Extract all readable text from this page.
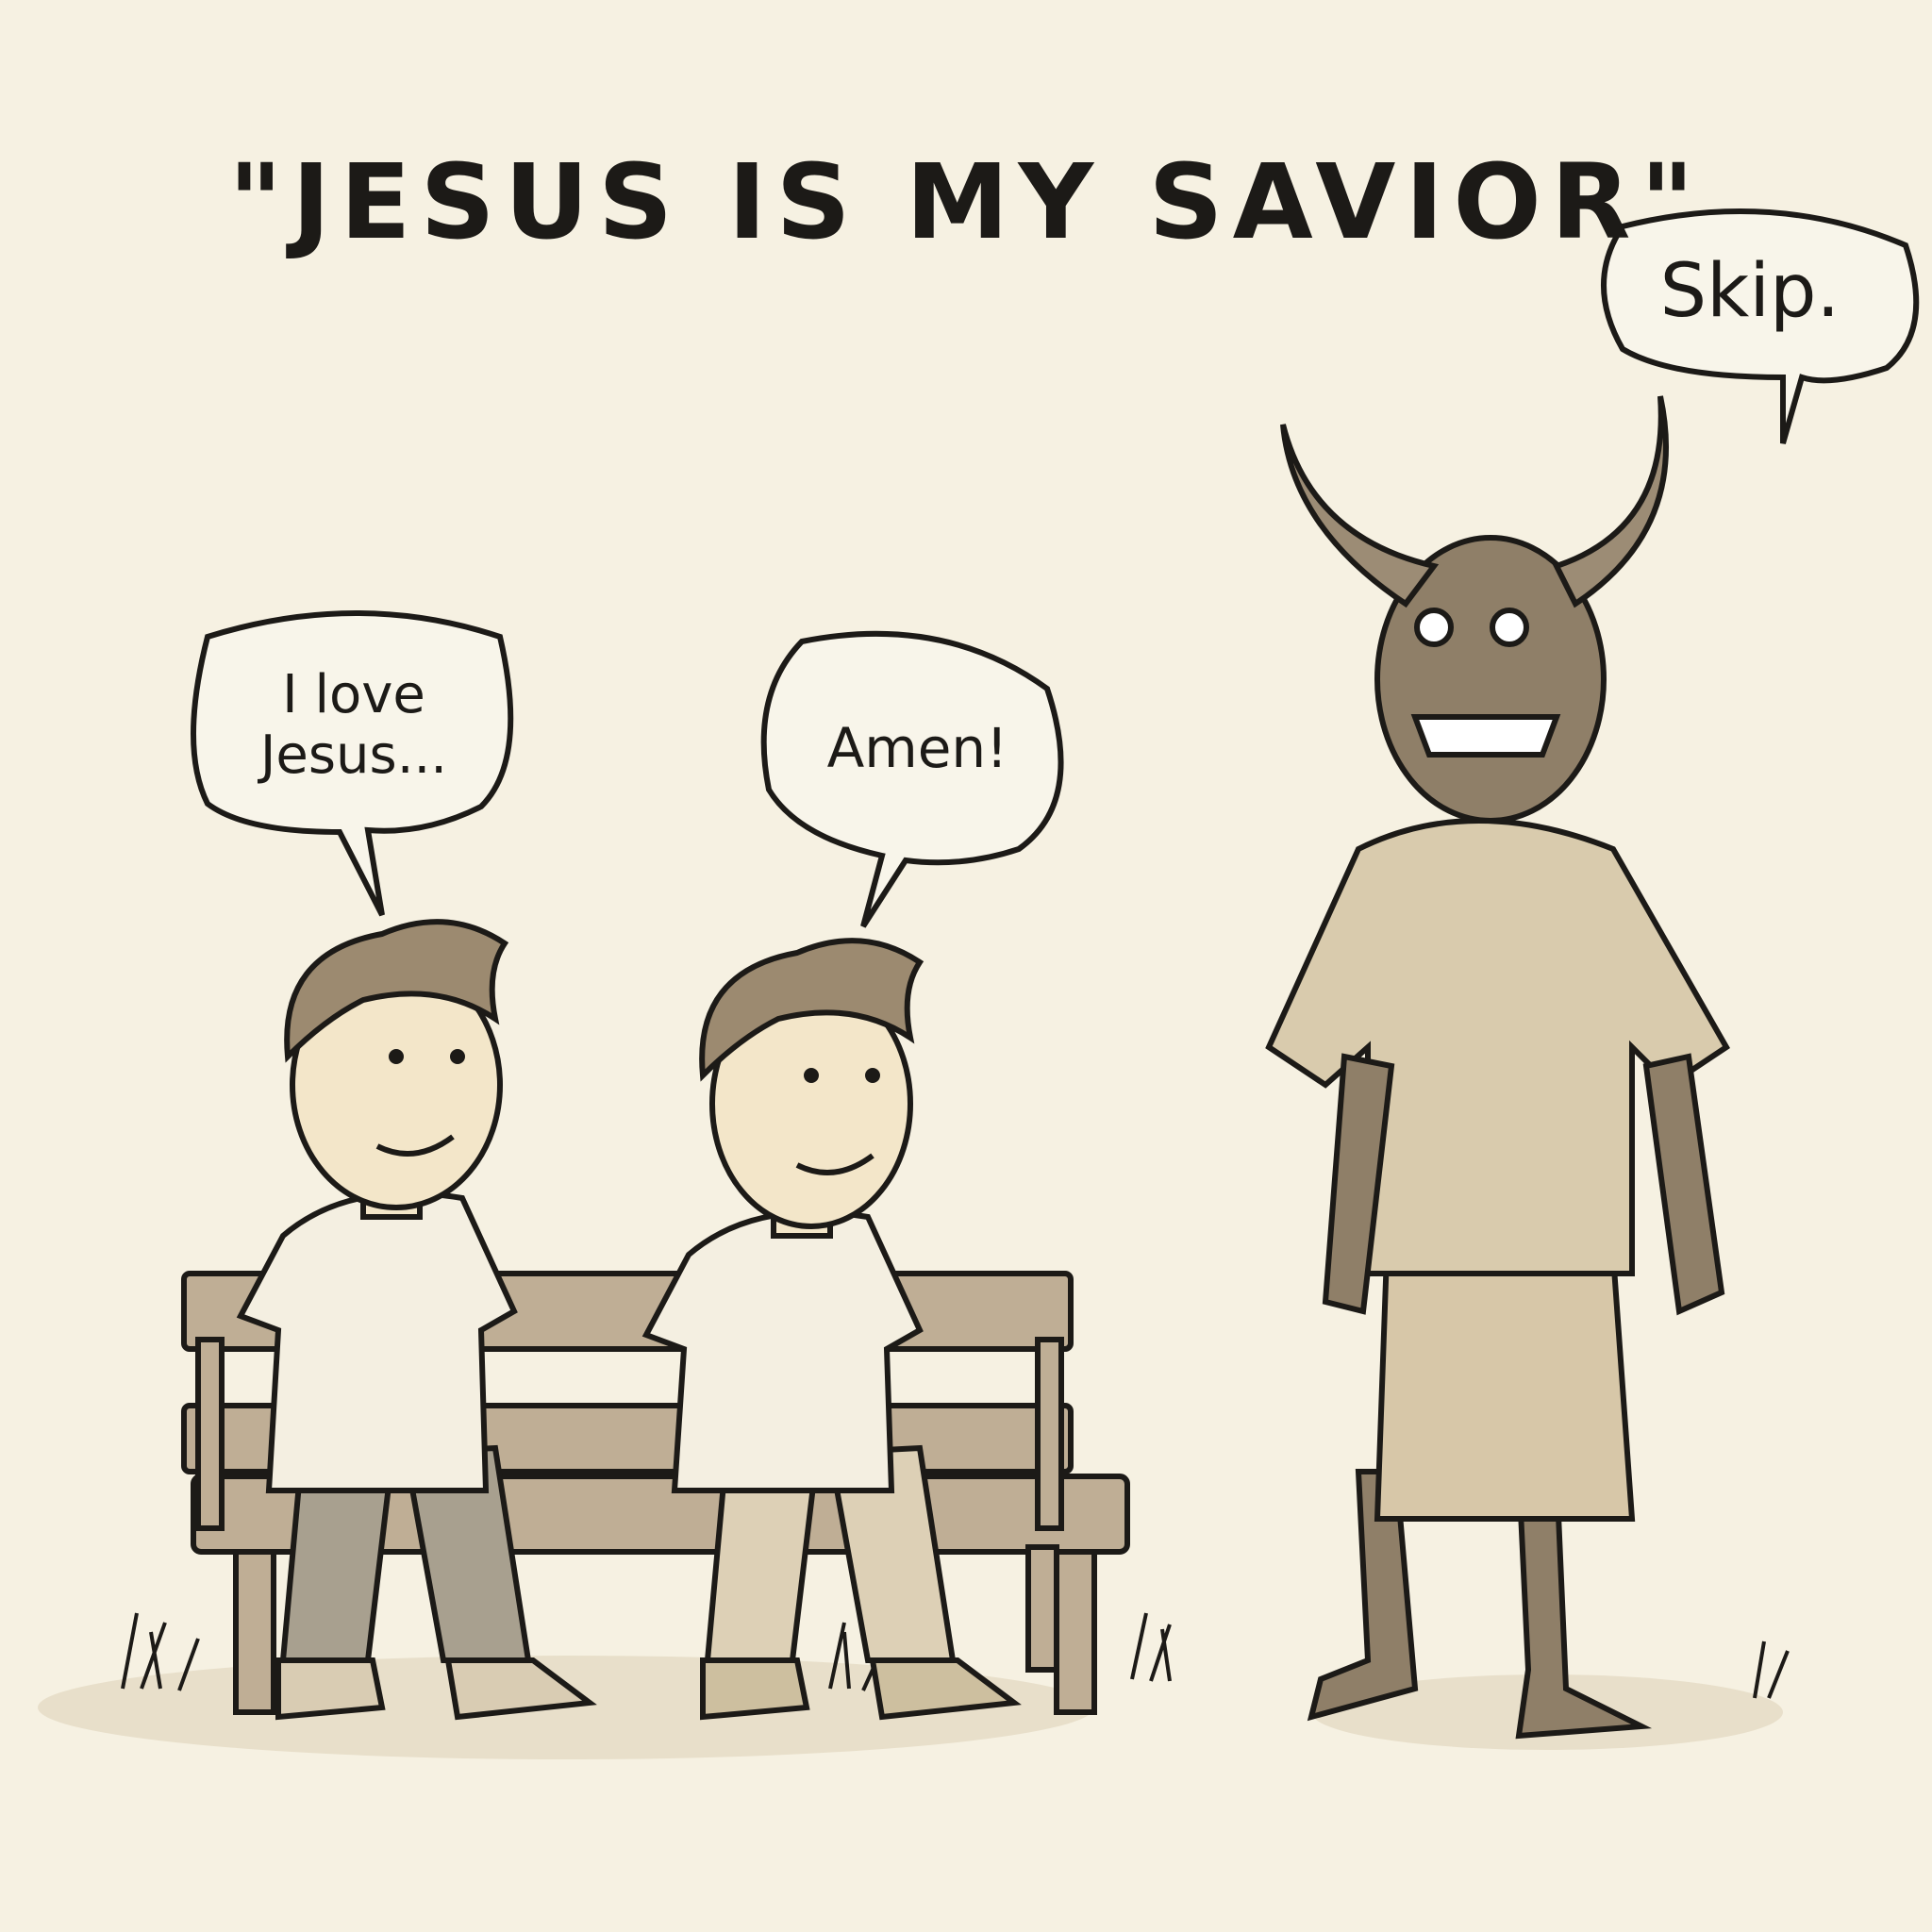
"JESUS IS MY SAVIOR"
I love
Jesus...	Amen!
Skip.
